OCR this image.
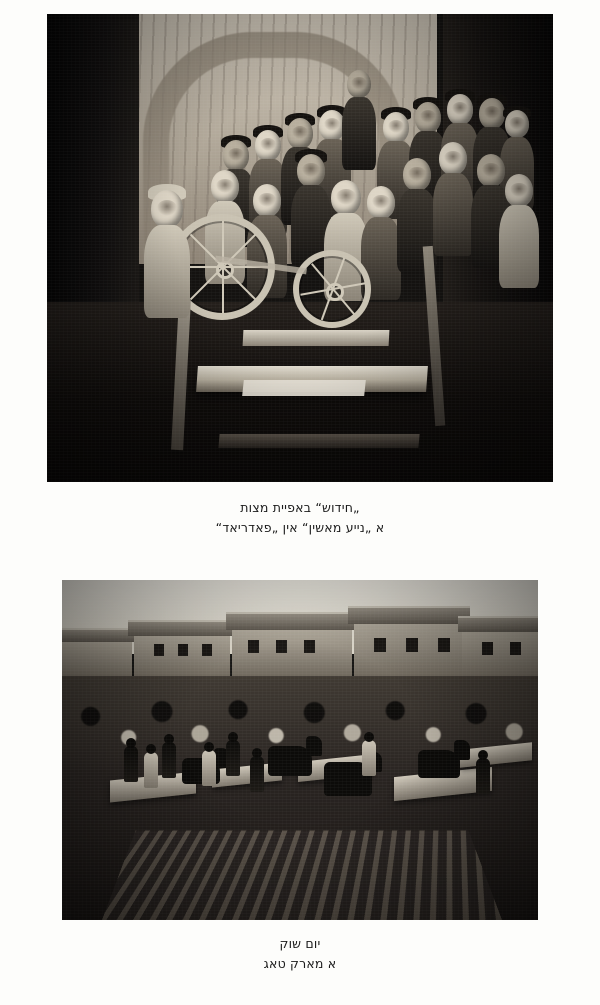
„חידוש“ באפיית מצות
א „נייע מאשין“ אין „פאדריאד“
יום שוק
א מארק טאג
